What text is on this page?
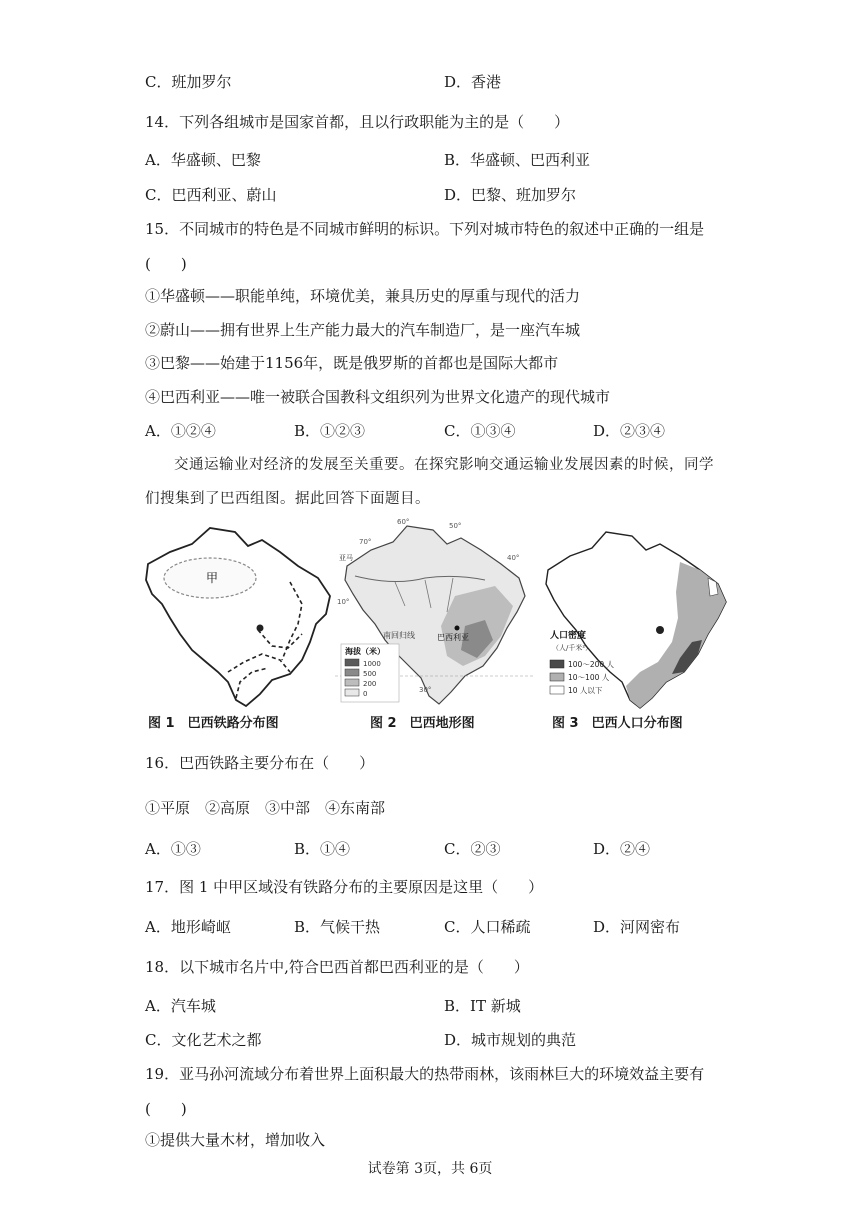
C．班加罗尔	D．香港
14．下列各组城市是国家首都，且以行政职能为主的是（　　）
A．华盛顿、巴黎	B．华盛顿、巴西利亚
C．巴西利亚、蔚山	D．巴黎、班加罗尔
15．不同城市的特色是不同城市鲜明的标识。下列对城市特色的叙述中正确的一组是
(　　)
①华盛顿——职能单纯，环境优美，兼具历史的厚重与现代的活力
②蔚山——拥有世界上生产能力最大的汽车制造厂，是一座汽车城
③巴黎——始建于1156年，既是俄罗斯的首都也是国际大都市
④巴西利亚——唯一被联合国教科文组织列为世界文化遗产的现代城市
A．①②④	B．①②③	C．①③④	D．②③④
交通运输业对经济的发展至关重要。在探究影响交通运输业发展因素的时候，同学
们搜集到了巴西组图。据此回答下面题目。
甲
图 1　巴西铁路分布图
南回归线	巴西利亚
60°	50°
70°
40°
10°
30°
亚马
海拔（米）
1000
500
200
0
图 2　巴西地形图
人口密度
（人/千米²）
100～200 人
10～100 人
10 人以下
图 3　巴西人口分布图
16．巴西铁路主要分布在（　　）
①平原　②高原　③中部　④东南部
A．①③	B．①④	C．②③	D．②④
17．图 1 中甲区域没有铁路分布的主要原因是这里（　　）
A．地形崎岖	B．气候干热	C．人口稀疏	D．河网密布
18．以下城市名片中,符合巴西首都巴西利亚的是（　　）
A．汽车城	B．IT 新城
C．文化艺术之都	D．城市规划的典范
19．亚马孙河流域分布着世界上面积最大的热带雨林，该雨林巨大的环境效益主要有
(　　)
①提供大量木材，增加收入
试卷第 3页，共 6页
